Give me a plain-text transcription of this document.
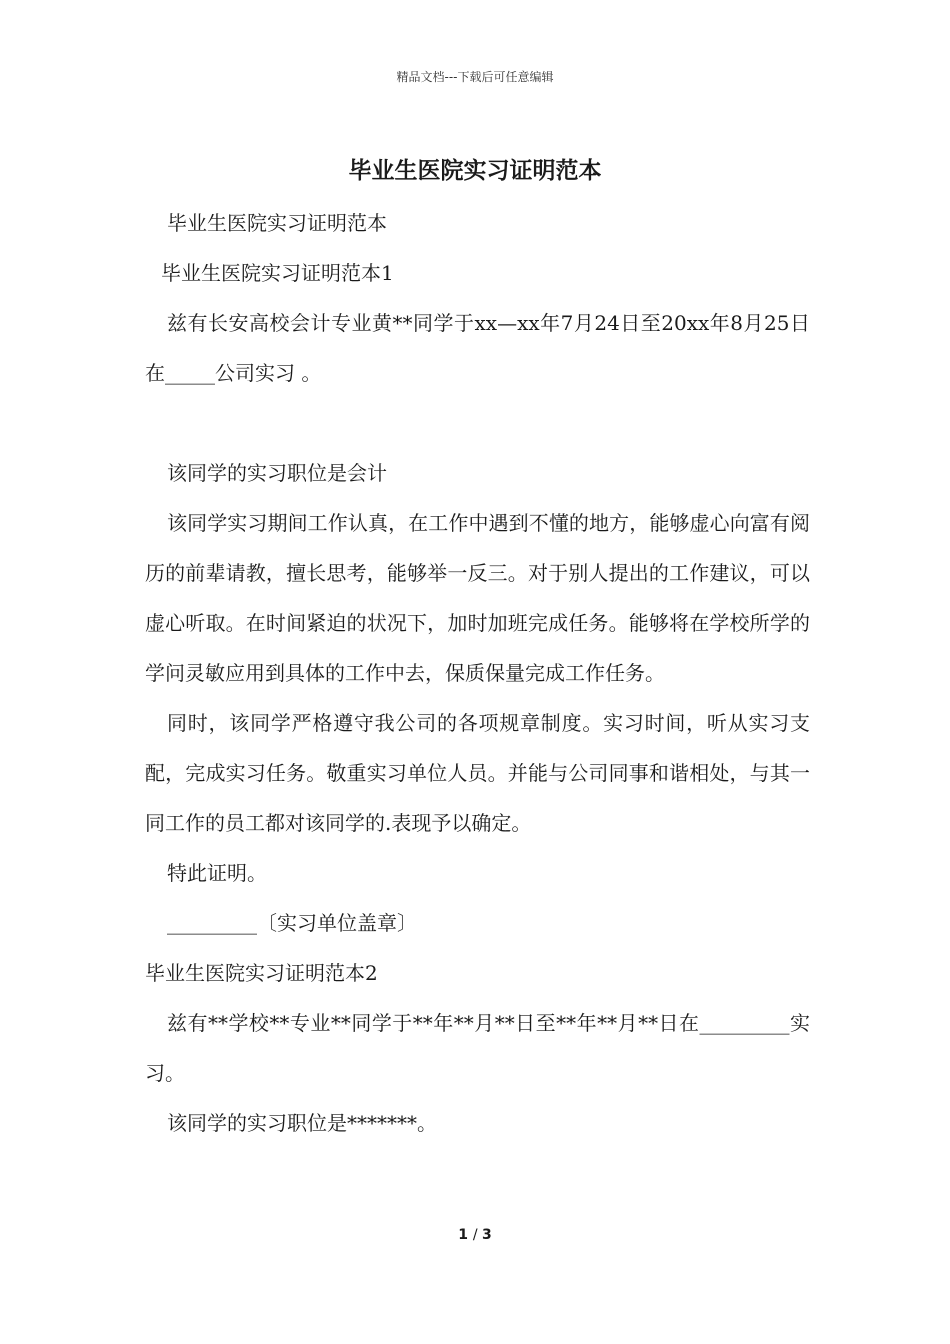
精品文档---下载后可任意编辑
毕业生医院实习证明范本

毕业生医院实习证明范本

毕业生医院实习证明范本1

兹有长安高校会计专业黄**同学于xx—xx年7月24日至20xx年8月25日在_____公司实习 。

该同学的实习职位是会计

该同学实习期间工作认真，在工作中遇到不懂的地方，能够虚心向富有阅历的前辈请教，擅长思考，能够举一反三。对于别人提出的工作建议，可以虚心听取。在时间紧迫的状况下，加时加班完成任务。能够将在学校所学的学问灵敏应用到具体的工作中去，保质保量完成工作任务。

同时，该同学严格遵守我公司的各项规章制度。实习时间，听从实习支配，完成实习任务。敬重实习单位人员。并能与公司同事和谐相处，与其一同工作的员工都对该同学的.表现予以确定。

特此证明。

_________〔实习单位盖章〕

毕业生医院实习证明范本2

兹有**学校**专业**同学于**年**月**日至**年**月**日在_________实习。

该同学的实习职位是*******。

1 / 3
